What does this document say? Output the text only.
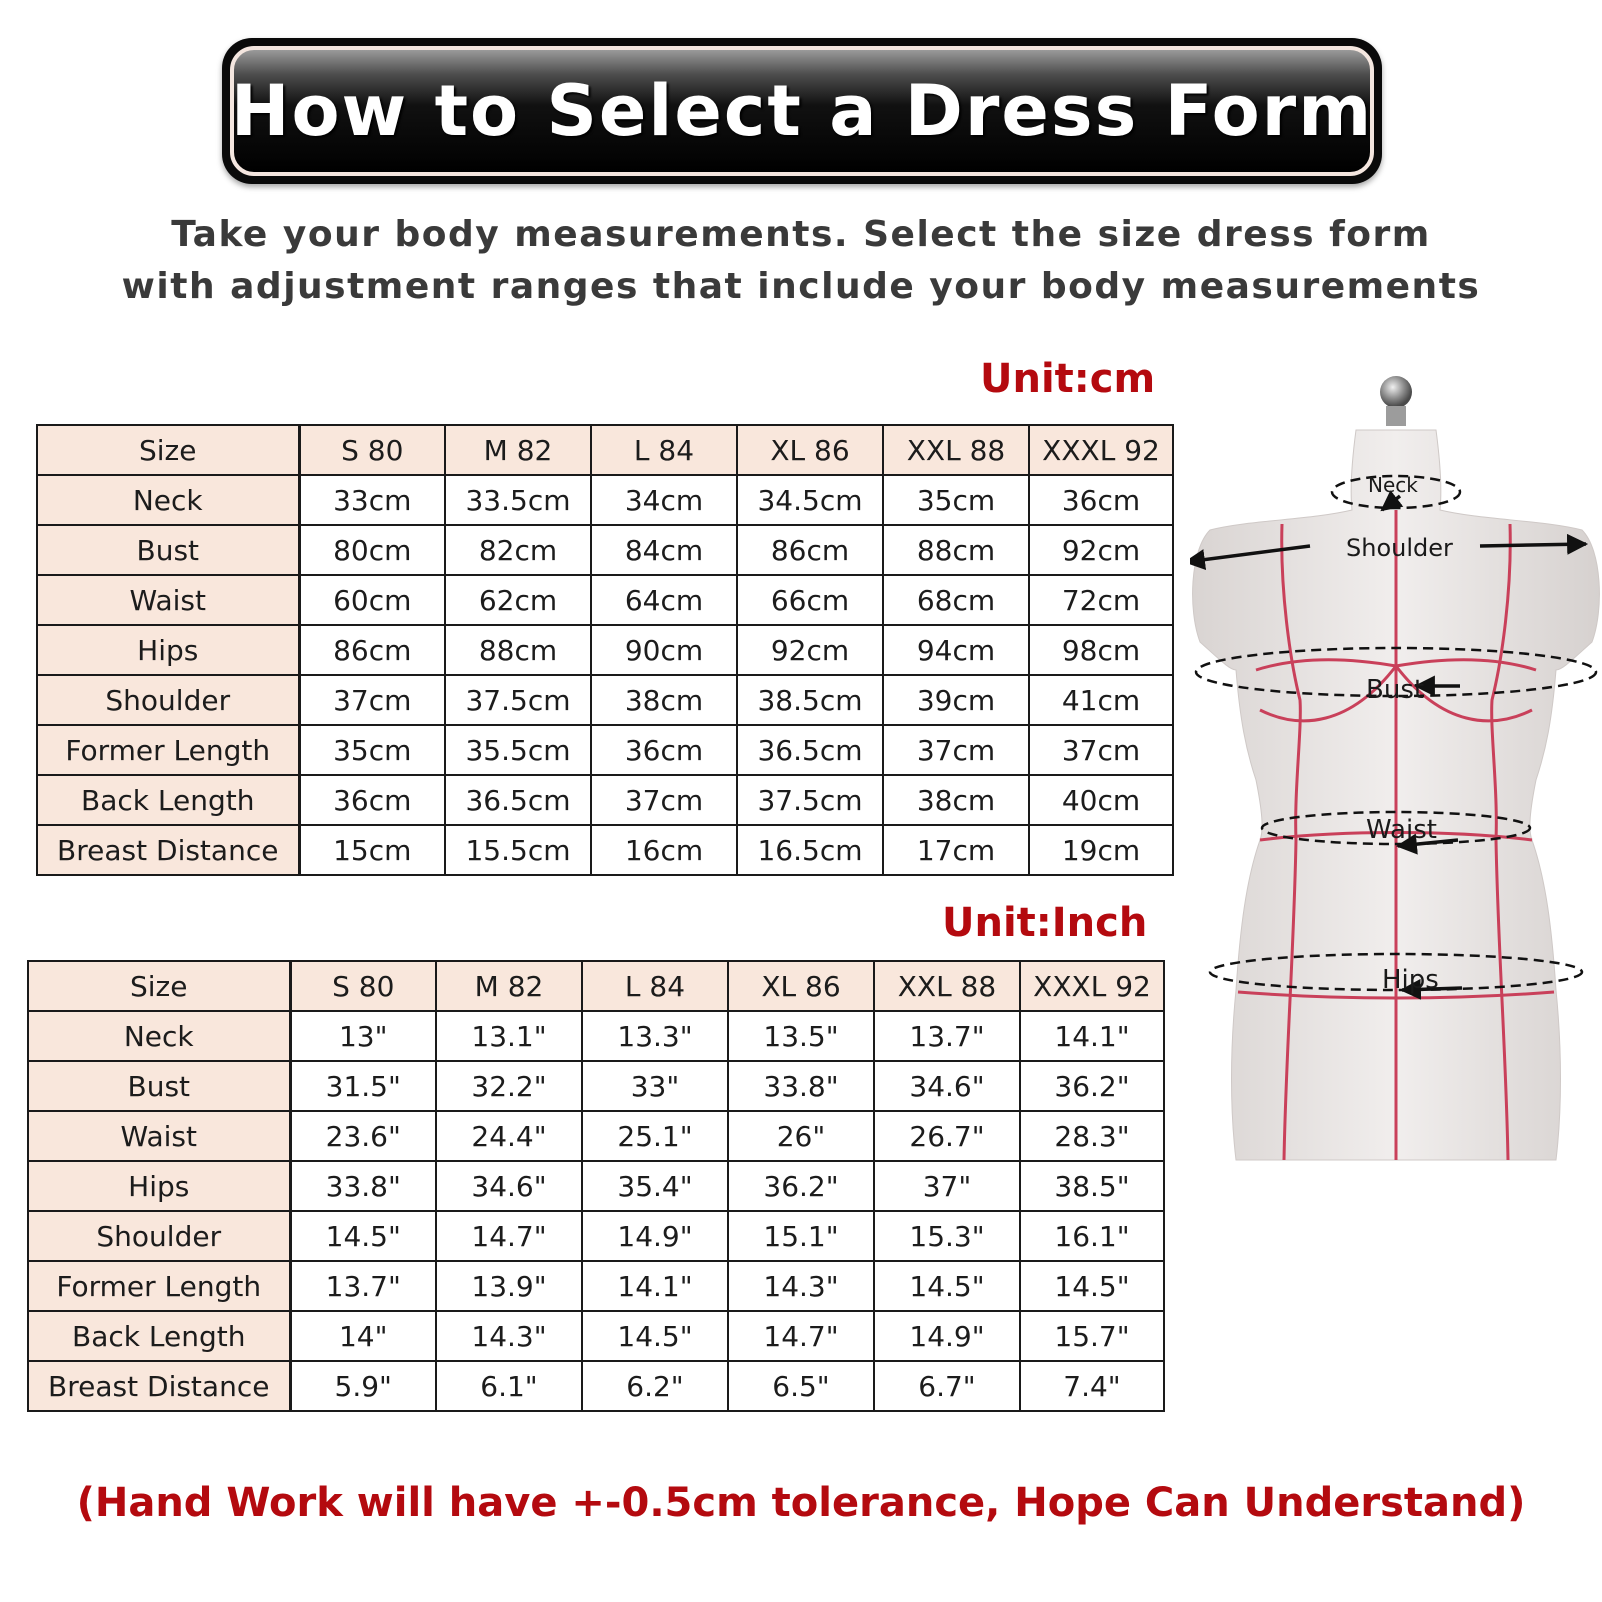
How to Select a Dress Form
Take your body measurements. Select the size dress form
with adjustment ranges that include your body measurements
Unit:cm
Size	S 80	M 82	L 84	XL 86	XXL 88	XXXL 92
Neck	33cm	33.5cm	34cm	34.5cm	35cm	36cm
Bust	80cm	82cm	84cm	86cm	88cm	92cm
Waist	60cm	62cm	64cm	66cm	68cm	72cm
Hips	86cm	88cm	90cm	92cm	94cm	98cm
Shoulder	37cm	37.5cm	38cm	38.5cm	39cm	41cm
Former Length	35cm	35.5cm	36cm	36.5cm	37cm	37cm
Back Length	36cm	36.5cm	37cm	37.5cm	38cm	40cm
Breast Distance	15cm	15.5cm	16cm	16.5cm	17cm	19cm
Unit:Inch
Size	S 80	M 82	L 84	XL 86	XXL 88	XXXL 92
Neck	13"	13.1"	13.3"	13.5"	13.7"	14.1"
Bust	31.5"	32.2"	33"	33.8"	34.6"	36.2"
Waist	23.6"	24.4"	25.1"	26"	26.7"	28.3"
Hips	33.8"	34.6"	35.4"	36.2"	37"	38.5"
Shoulder	14.5"	14.7"	14.9"	15.1"	15.3"	16.1"
Former Length	13.7"	13.9"	14.1"	14.3"	14.5"	14.5"
Back Length	14"	14.3"	14.5"	14.7"	14.9"	15.7"
Breast Distance	5.9"	6.1"	6.2"	6.5"	6.7"	7.4"
Neck
Shoulder
Bust
Waist
Hips
(Hand Work will have +-0.5cm tolerance, Hope Can Understand)
